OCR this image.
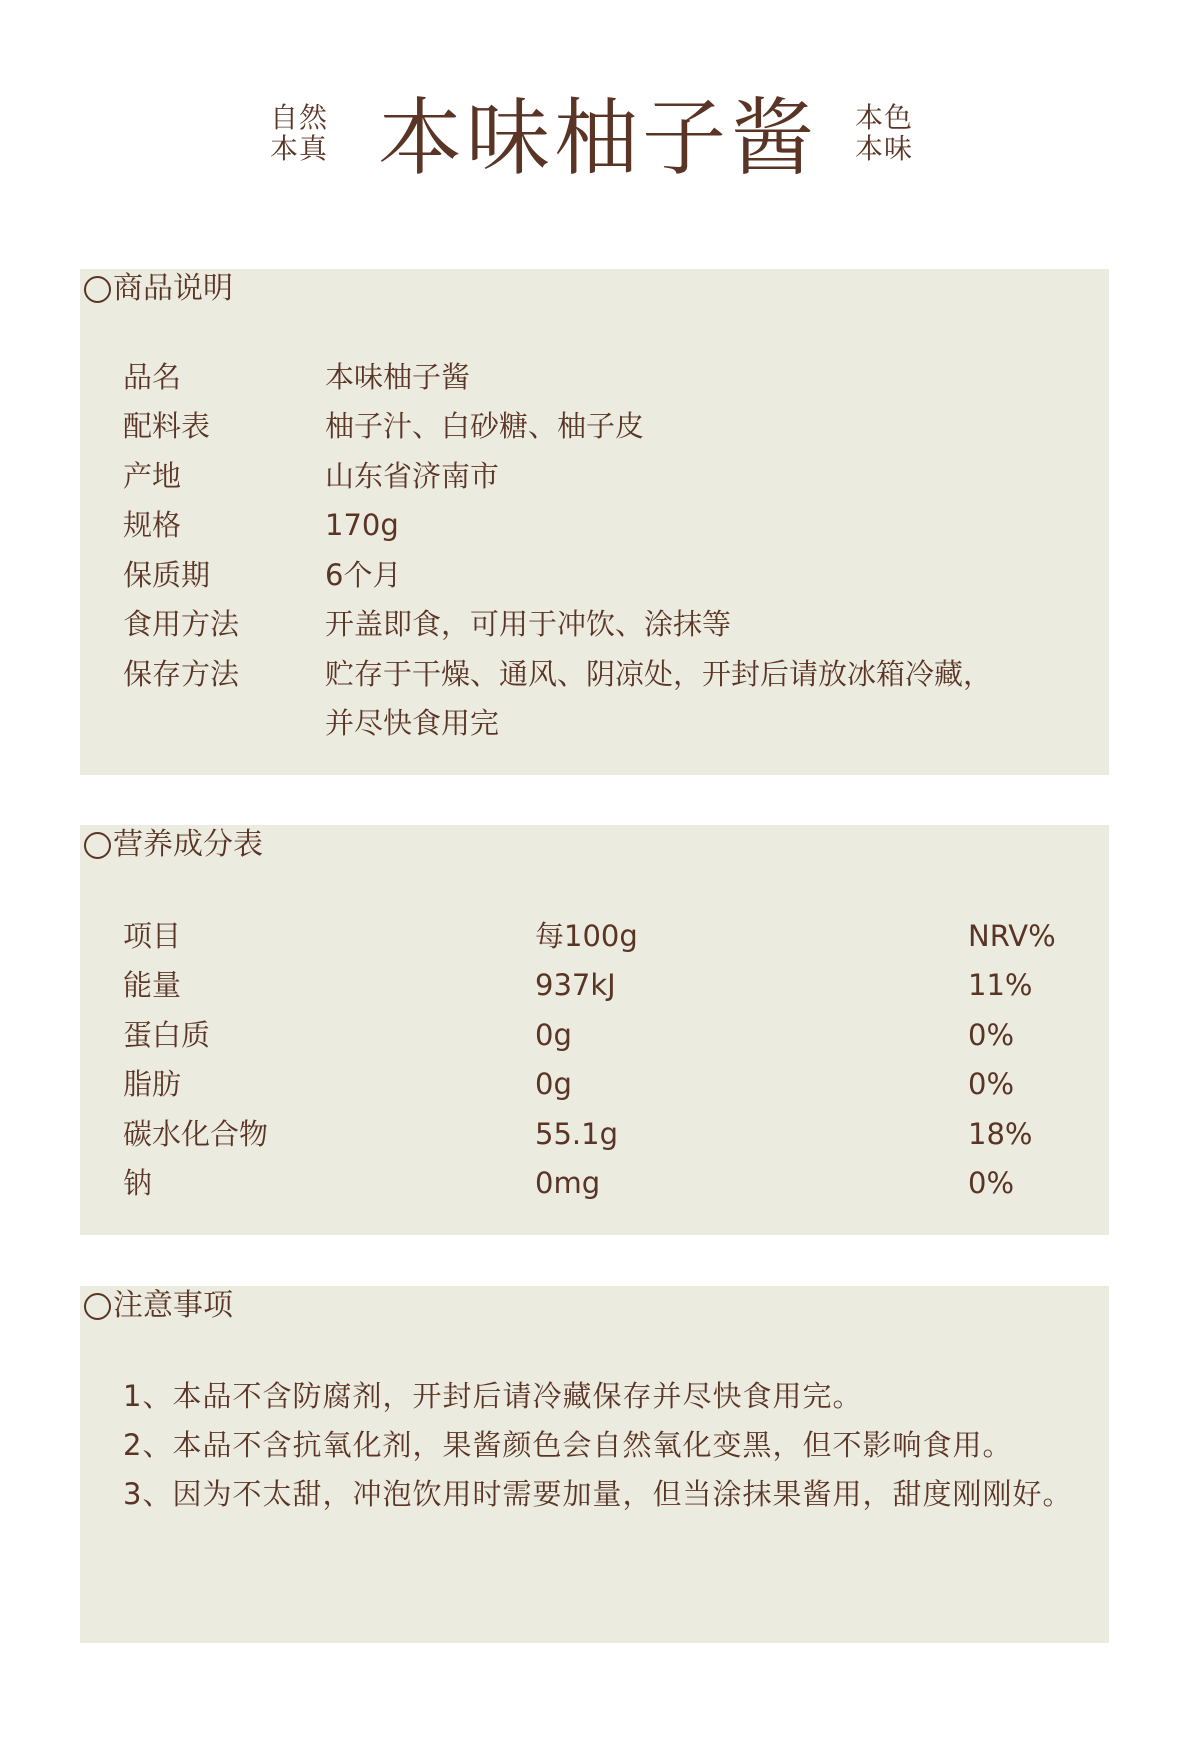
自然
本真 本味柚子酱 本色
本味
商品说明
品名	本味柚子酱
配料表	柚子汁、白砂糖、柚子皮
产地	山东省济南市
规格	170g
保质期	6个月
食用方法	开盖即食，可用于冲饮、涂抹等
保存方法	贮存于干燥、通风、阴凉处，开封后请放冰箱冷藏，
并尽快食用完
营养成分表
项目	每100g	NRV%
能量	937kJ	11%
蛋白质	0g	0%
脂肪	0g	0%
碳水化合物	55.1g	18%
钠	0mg	0%
注意事项

1、本品不含防腐剂，开封后请冷藏保存并尽快食用完。

2、本品不含抗氧化剂，果酱颜色会自然氧化变黑，但不影响食用。

3、因为不太甜，冲泡饮用时需要加量，但当涂抹果酱用，甜度刚刚好。
